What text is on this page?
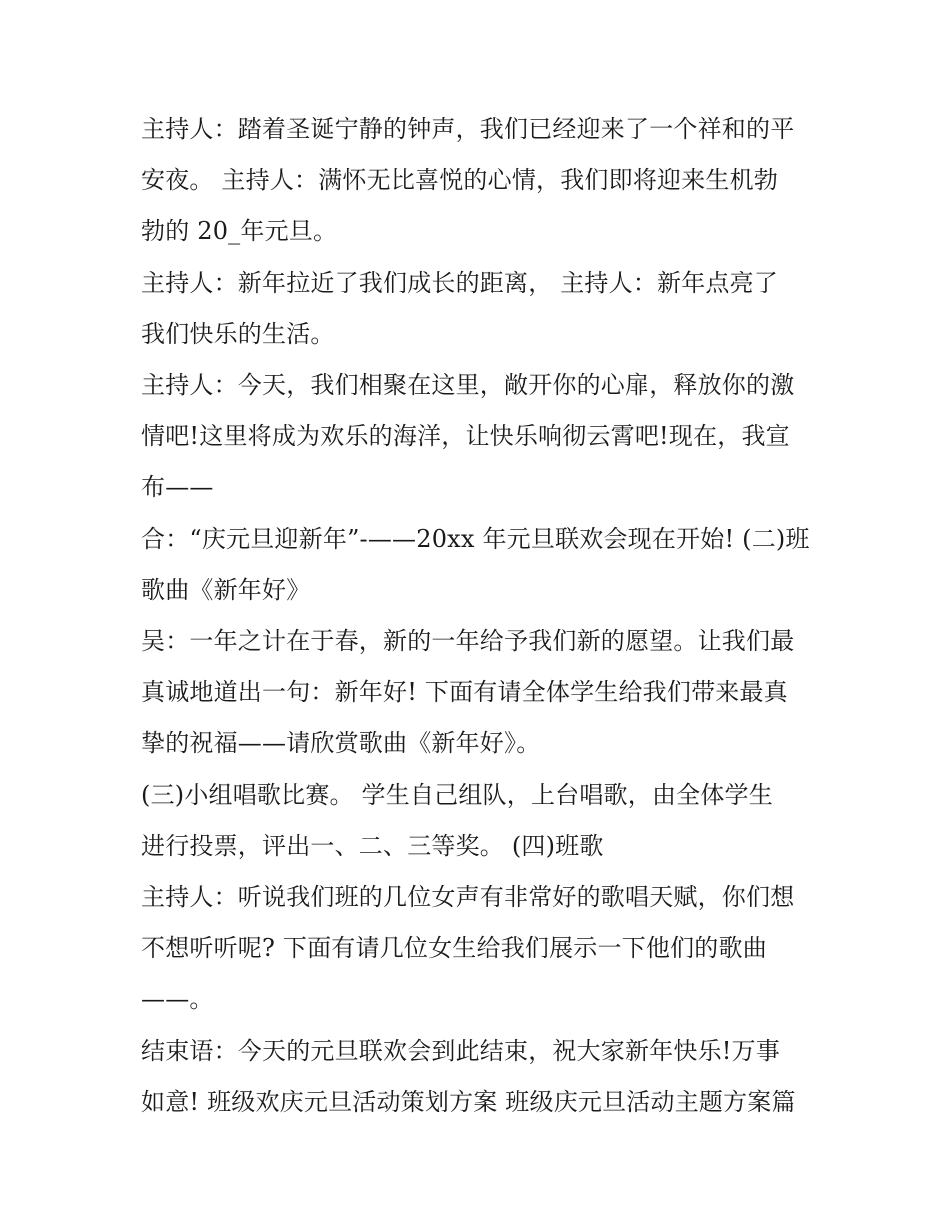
主持人：踏着圣诞宁静的钟声，我们已经迎来了一个祥和的平
安夜。 主持人：满怀无比喜悦的心情，我们即将迎来生机勃
勃的 20_年元旦。
主持人：新年拉近了我们成长的距离， 主持人：新年点亮了
我们快乐的生活。
主持人：今天，我们相聚在这里，敞开你的心扉，释放你的激
情吧!这里将成为欢乐的海洋，让快乐响彻云霄吧!现在，我宣
布——
合：“庆元旦迎新年”-——20xx 年元旦联欢会现在开始! (二)班
歌曲《新年好》
吴：一年之计在于春，新的一年给予我们新的愿望。让我们最
真诚地道出一句：新年好! 下面有请全体学生给我们带来最真
挚的祝福——请欣赏歌曲《新年好》。
(三)小组唱歌比赛。 学生自己组队，上台唱歌，由全体学生
进行投票，评出一、二、三等奖。 (四)班歌
主持人：听说我们班的几位女声有非常好的歌唱天赋，你们想
不想听听呢? 下面有请几位女生给我们展示一下他们的歌曲
——。
结束语：今天的元旦联欢会到此结束，祝大家新年快乐!万事
如意! 班级欢庆元旦活动策划方案 班级庆元旦活动主题方案篇
